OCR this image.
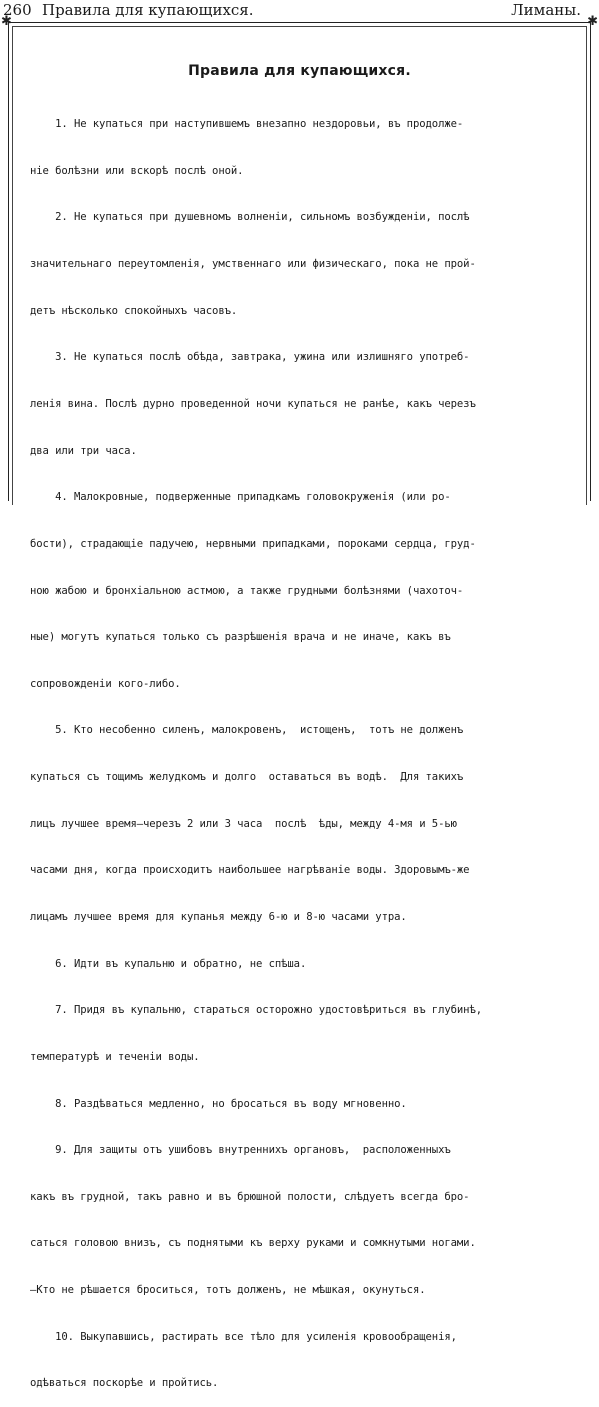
260 Правила для купающихся.	Лиманы.
✱	✱
Правила для купающихся.

1. Не купаться при наступившемъ внезапно нездоровьи, въ продолже-

ніе болѣзни или вскорѣ послѣ оной.

2. Не купаться при душевномъ волненіи, сильномъ возбужденіи, послѣ

значительнаго переутомленія, умственнаго или физическаго, пока не прой-

детъ нѣсколько спокойныхъ часовъ.

3. Не купаться послѣ обѣда, завтрака, ужина или излишняго употреб-

ленія вина. Послѣ дурно проведенной ночи купаться не ранѣе, какъ черезъ

два или три часа.

4. Малокровные, подверженные припадкамъ головокруженія (или ро-

бости), страдающіе падучею, нервными припадками, пороками сердца, груд-

ною жабою и бронхіальною астмою, а также грудными болѣзнями (чахоточ-

ные) могутъ купаться только съ разрѣшенія врача и не иначе, какъ въ

сопровожденіи кого-либо.

5. Кто несобенно силенъ, малокровенъ,  истощенъ,  тотъ не долженъ

купаться съ тощимъ желудкомъ и долго  оставаться въ водѣ.  Для такихъ

лицъ лучшее время—черезъ 2 или 3 часа  послѣ  ѣды, между 4-мя и 5-ью

часами дня, когда происходитъ наибольшее нагрѣваніе воды. Здоровымъ-же

лицамъ лучшее время для купанья между 6-ю и 8-ю часами утра.

6. Идти въ купальню и обратно, не спѣша.

7. Придя въ купальню, стараться осторожно удостовѣриться въ глубинѣ,

температурѣ и теченіи воды.

8. Раздѣваться медленно, но бросаться въ воду мгновенно.

9. Для защиты отъ ушибовъ внутреннихъ органовъ,  расположенныхъ

какъ въ грудной, такъ равно и въ брюшной полости, слѣдуетъ всегда бро-

саться головою внизъ, съ поднятыми къ верху руками и сомкнутыми ногами.

—Кто не рѣшается броситься, тотъ долженъ, не мѣшкая, окунуться.

10. Выкупавшись, растирать все тѣло для усиленія кровообращенія,

одѣваться поскорѣе и пройтись.
